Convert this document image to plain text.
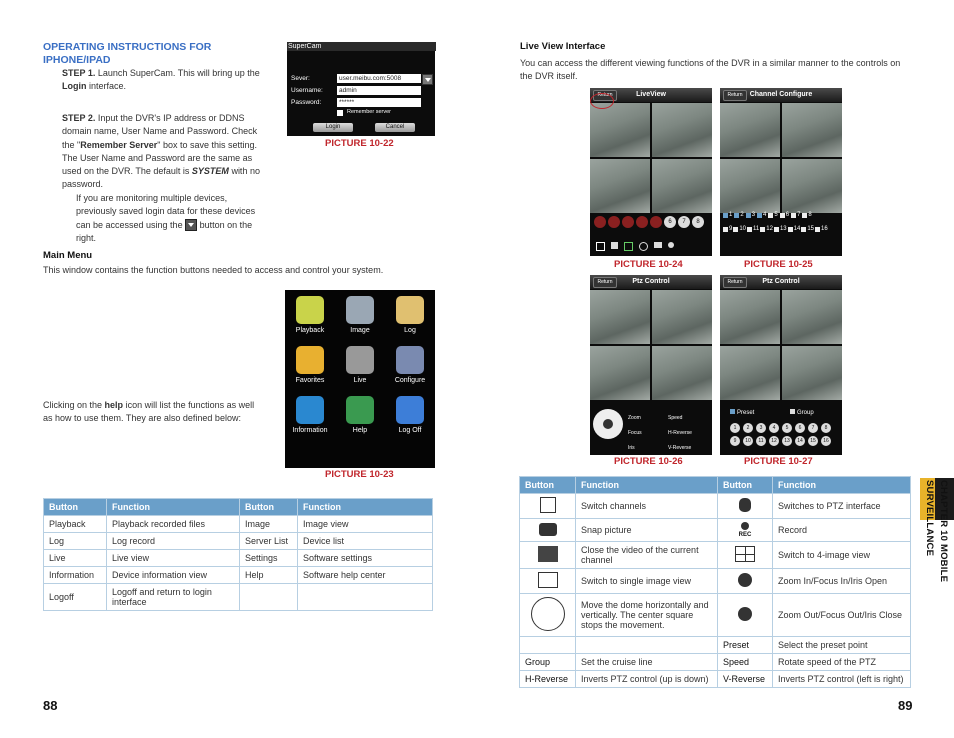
OPERATING INSTRUCTIONS FOR IPHONE/IPAD
STEP 1. Launch SuperCam. This will bring up the Login interface.
STEP 2. Input the DVR's IP address or DDNS domain name, User Name and Password. Check the "Remember Server" box to save this setting. The User Name and Password are the same as used on the DVR. The default is SYSTEM with no password.
If you are monitoring multiple devices, previously saved login data for these devices can be accessed using the button on the right.
SuperCam
Sever:	user.meibu.com:5008
Username:	admin
Password:	******
Remember server
Login	Cancel
PICTURE 10-22
Main Menu
This window contains the function buttons needed to access and control your system.
Playback	Image	Log
Favorites	Live	Configure
Information	Help	Log Off
PICTURE 10-23
Clicking on the help icon will list the functions as well as how to use them. They are also defined below:
Button	Function	Button	Function
Playback	Playback recorded files	Image	Image view
Log	Log record	Server List	Device list
Live	Live view	Settings	Software settings
Information	Device information view	Help	Software help center
Logoff	Logoff and return to login interface		
88
Live View Interface
You can access the different viewing functions of the DVR in a similar manner to the controls on the DVR itself.
Return	LiveView
1	2	3	4	5	6	7	8
PICTURE 10-24
Return	Channel Configure
1 2 3 4 5 6 7 8
9 10 11 12 13 14 15 16
PICTURE 10-25
Return	Ptz Control
Zoom	SpeedFocus	H-ReverseIris	V-Reverse
PICTURE 10-26
Return	Ptz Control
Preset	Group
1	2	3	4	5	6	7	8
9	10	11	12	13	14	15	16
PICTURE 10-27
Button	Function	Button	Function
	Switch channels		Switches to PTZ interface
	Snap picture	REC	Record
	Close the video of the current channel		Switch to 4-image view
	Switch to single image view		Zoom In/Focus In/Iris Open
	Move the dome horizontally and vertically. The center square stops the movement.		Zoom Out/Focus Out/Iris Close
		Preset	Select the preset point
Group	Set the cruise line	Speed	Rotate speed of the PTZ
H-Reverse	Inverts PTZ control (up is down)	V-Reverse	Inverts PTZ control (left is right)
CHAPTER 10 MOBILE SURVEILLANCE
89
